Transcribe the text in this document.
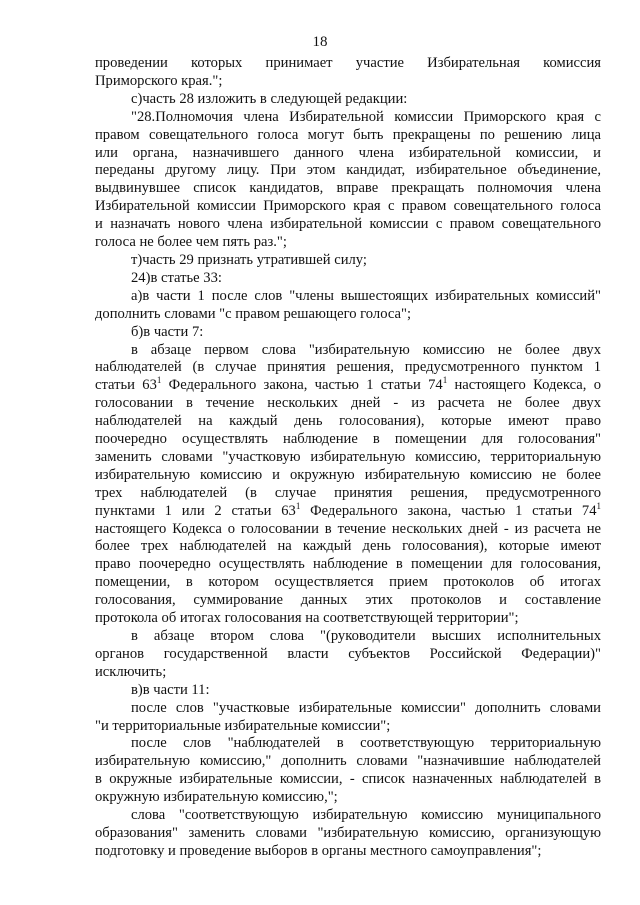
18
проведении которых принимает участие Избирательная комиссия
Приморского края.";
с)часть 28 изложить в следующей редакции:
"28.Полномочия члена Избирательной комиссии Приморского края с
правом совещательного голоса могут быть прекращены по решению лица
или органа, назначившего данного члена избирательной комиссии, и
переданы другому лицу. При этом кандидат, избирательное объединение,
выдвинувшее список кандидатов, вправе прекращать полномочия члена
Избирательной комиссии Приморского края с правом совещательного голоса
и назначать нового члена избирательной комиссии с правом совещательного
голоса не более чем пять раз.";
т)часть 29 признать утратившей силу;
24)в статье 33:
а)в части 1 после слов "члены вышестоящих избирательных комиссий"
дополнить словами "с правом решающего голоса";
б)в части 7:
в абзаце первом слова "избирательную комиссию не более двух
наблюдателей (в случае принятия решения, предусмотренного пунктом 1
статьи $63^1$ Федерального закона, частью 1 статьи $74^1$ настоящего Кодекса, о
голосовании в течение нескольких дней - из расчета не более двух
наблюдателей на каждый день голосования), которые имеют право
поочередно осуществлять наблюдение в помещении для голосования"
заменить словами "участковую избирательную комиссию, территориальную
избирательную комиссию и окружную избирательную комиссию не более
трех наблюдателей (в случае принятия решения, предусмотренного
пунктами 1 или 2 статьи $63^1$ Федерального закона, частью 1 статьи $74^1$
настоящего Кодекса о голосовании в течение нескольких дней - из расчета не
более трех наблюдателей на каждый день голосования), которые имеют
право поочередно осуществлять наблюдение в помещении для голосования,
помещении, в котором осуществляется прием протоколов об итогах
голосования, суммирование данных этих протоколов и составление
протокола об итогах голосования на соответствующей территории";
в абзаце втором слова "(руководители высших исполнительных
органов государственной власти субъектов Российской Федерации)"
исключить;
в)в части 11:
после слов "участковые избирательные комиссии" дополнить словами
"и территориальные избирательные комиссии";
после слов "наблюдателей в соответствующую территориальную
избирательную комиссию," дополнить словами "назначившие наблюдателей
в окружные избирательные комиссии, - список назначенных наблюдателей в
окружную избирательную комиссию,";
слова "соответствующую избирательную комиссию муниципального
образования" заменить словами "избирательную комиссию, организующую
подготовку и проведение выборов в органы местного самоуправления";
